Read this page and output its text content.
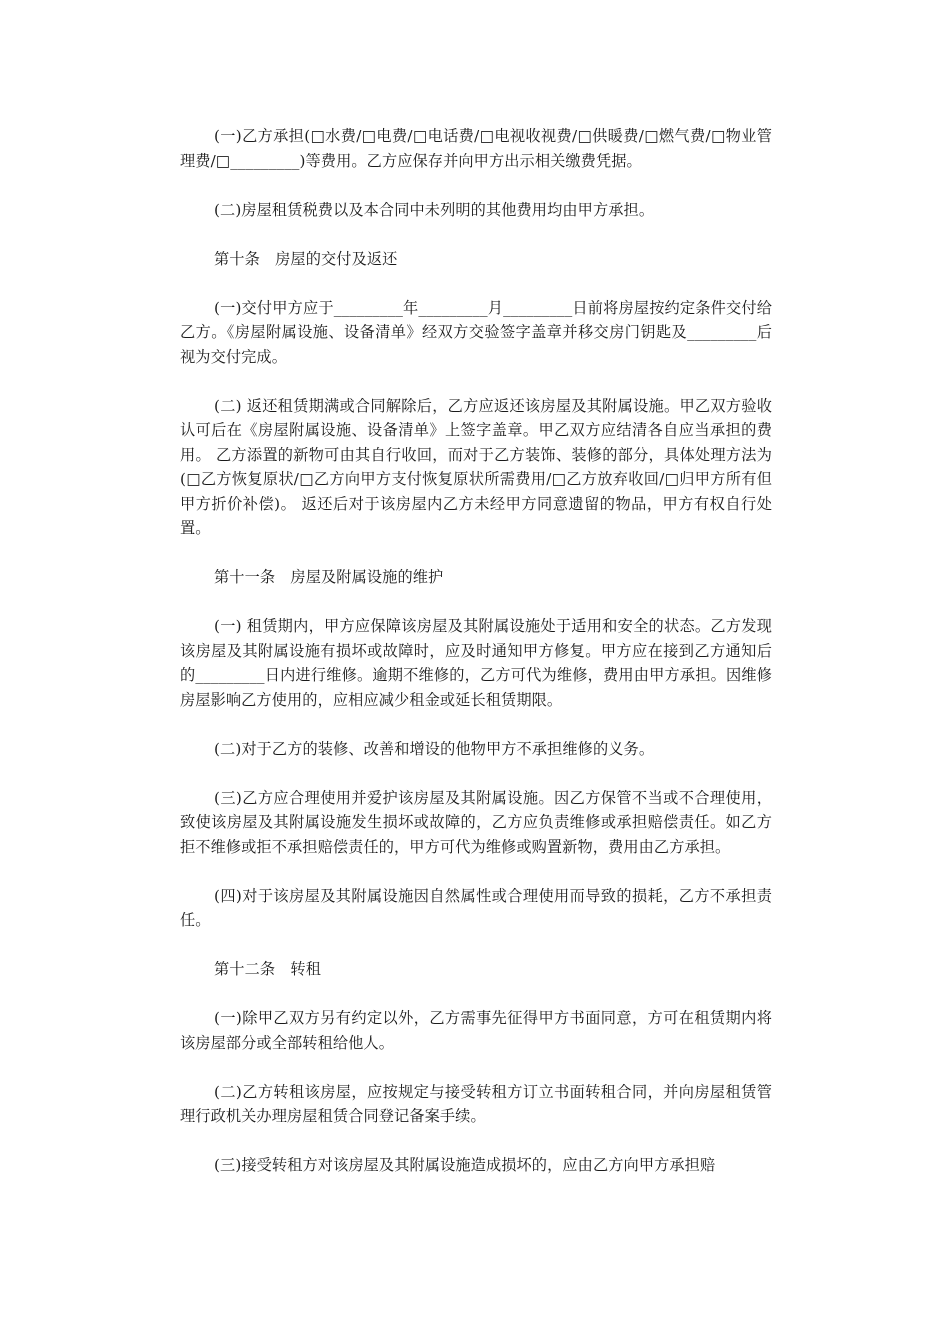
(一)乙方承担(□水费/□电费/□电话费/□电视收视费/□供暖费/□燃气费/□物业管理费/□_________)等费用。乙方应保存并向甲方出示相关缴费凭据。

(二)房屋租赁税费以及本合同中未列明的其他费用均由甲方承担。

第十条　房屋的交付及返还

(一)交付甲方应于_________年_________月_________日前将房屋按约定条件交付给乙方。《房屋附属设施、设备清单》经双方交验签字盖章并移交房门钥匙及_________后视为交付完成。

(二) 返还租赁期满或合同解除后，乙方应返还该房屋及其附属设施。甲乙双方验收认可后在《房屋附属设施、设备清单》上签字盖章。甲乙双方应结清各自应当承担的费用。 乙方添置的新物可由其自行收回，而对于乙方装饰、装修的部分，具体处理方法为(□乙方恢复原状/□乙方向甲方支付恢复原状所需费用/□乙方放弃收回/□归甲方所有但甲方折价补偿)。 返还后对于该房屋内乙方未经甲方同意遗留的物品，甲方有权自行处置。

第十一条　房屋及附属设施的维护

(一) 租赁期内，甲方应保障该房屋及其附属设施处于适用和安全的状态。乙方发现该房屋及其附属设施有损坏或故障时，应及时通知甲方修复。甲方应在接到乙方通知后的_________日内进行维修。逾期不维修的，乙方可代为维修，费用由甲方承担。因维修房屋影响乙方使用的，应相应减少租金或延长租赁期限。

(二)对于乙方的装修、改善和增设的他物甲方不承担维修的义务。

(三)乙方应合理使用并爱护该房屋及其附属设施。因乙方保管不当或不合理使用，致使该房屋及其附属设施发生损坏或故障的，乙方应负责维修或承担赔偿责任。如乙方拒不维修或拒不承担赔偿责任的，甲方可代为维修或购置新物，费用由乙方承担。

(四)对于该房屋及其附属设施因自然属性或合理使用而导致的损耗，乙方不承担责任。

第十二条　转租

(一)除甲乙双方另有约定以外，乙方需事先征得甲方书面同意，方可在租赁期内将该房屋部分或全部转租给他人。

(二)乙方转租该房屋，应按规定与接受转租方订立书面转租合同，并向房屋租赁管理行政机关办理房屋租赁合同登记备案手续。

(三)接受转租方对该房屋及其附属设施造成损坏的，应由乙方向甲方承担赔
